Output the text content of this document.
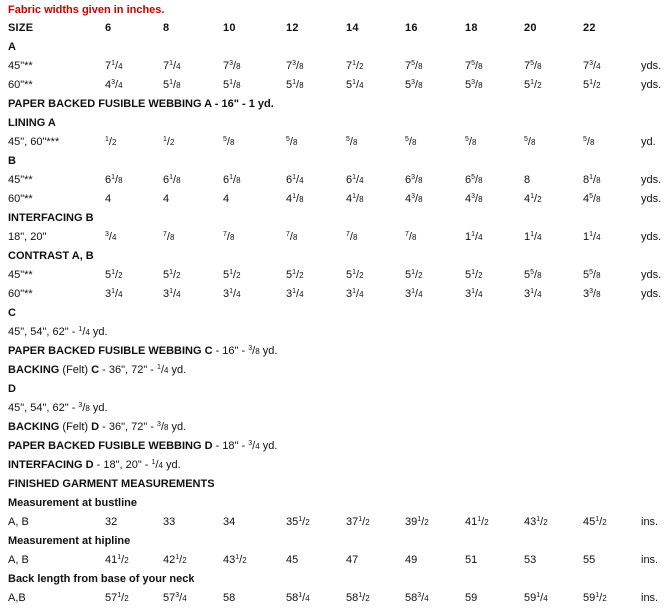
Fabric widths given in inches.
SIZE	6	8	10	12	14	16	18	20	22
A
45"**	$7^1/4$	$7^1/4$	$7^3/8$	$7^3/8$	$7^1/2$	$7^5/8$	$7^5/8$	$7^5/8$	$7^3/4$	yds.
60"**	$4^3/4$	$5^1/8$	$5^1/8$	$5^1/8$	$5^1/4$	$5^3/8$	$5^3/8$	$5^1/2$	$5^1/2$	yds.
PAPER BACKED FUSIBLE WEBBING A - 16" - 1 yd.
LINING A
45", 60"***	$^1$/2	$^1$/2	$^5$/8	$^5$/8	$^5$/8	$^5$/8	$^5$/8	$^5$/8	$^5$/8	yd.
B
45"**	$6^1/8$	$6^1/8$	$6^1/8$	$6^1/4$	$6^1/4$	$6^3/8$	$6^5/8$	8	$8^1/8$	yds.
60"**	4	4	4	$4^1/8$	$4^1/8$	$4^3/8$	$4^3/8$	$4^1/2$	$4^5/8$	yds.
INTERFACING B
18", 20"	$^3$/4	$^7$/8	$^7$/8	$^7$/8	$^7$/8	$^7$/8	$1^1/4$	$1^1/4$	$1^1/4$	yds.
CONTRAST A, B
45"**	$5^1/2$	$5^1/2$	$5^1/2$	$5^1/2$	$5^1/2$	$5^1/2$	$5^1/2$	$5^5/8$	$5^5/8$	yds.
60"**	$3^1/4$	$3^1/4$	$3^1/4$	$3^1/4$	$3^1/4$	$3^1/4$	$3^1/4$	$3^1/4$	$3^3/8$	yds.
C
45", 54", 62" - $^1$/4 yd.
PAPER BACKED FUSIBLE WEBBING C - 16" - $^3$/8 yd.
BACKING (Felt) C - 36", 72" - $^1$/4 yd.
D
45", 54", 62" - $^3$/8 yd.
BACKING (Felt) D - 36", 72" - $^3$/8 yd.
PAPER BACKED FUSIBLE WEBBING D - 18" - $^3$/4 yd.
INTERFACING D - 18", 20" - $^1$/4 yd.
FINISHED GARMENT MEASUREMENTS
Measurement at bustline
A, B	32	33	34	$35^1/2$	$37^1/2$	$39^1/2$	$41^1/2$	$43^1/2$	$45^1/2$	ins.
Measurement at hipline
A, B	$41^1/2$	$42^1/2$	$43^1/2$	45	47	49	51	53	55	ins.
Back length from base of your neck
A,B	$57^1/2$	$57^3/4$	58	$58^1/4$	$58^1/2$	$58^3/4$	59	$59^1/4$	$59^1/2$	ins.
